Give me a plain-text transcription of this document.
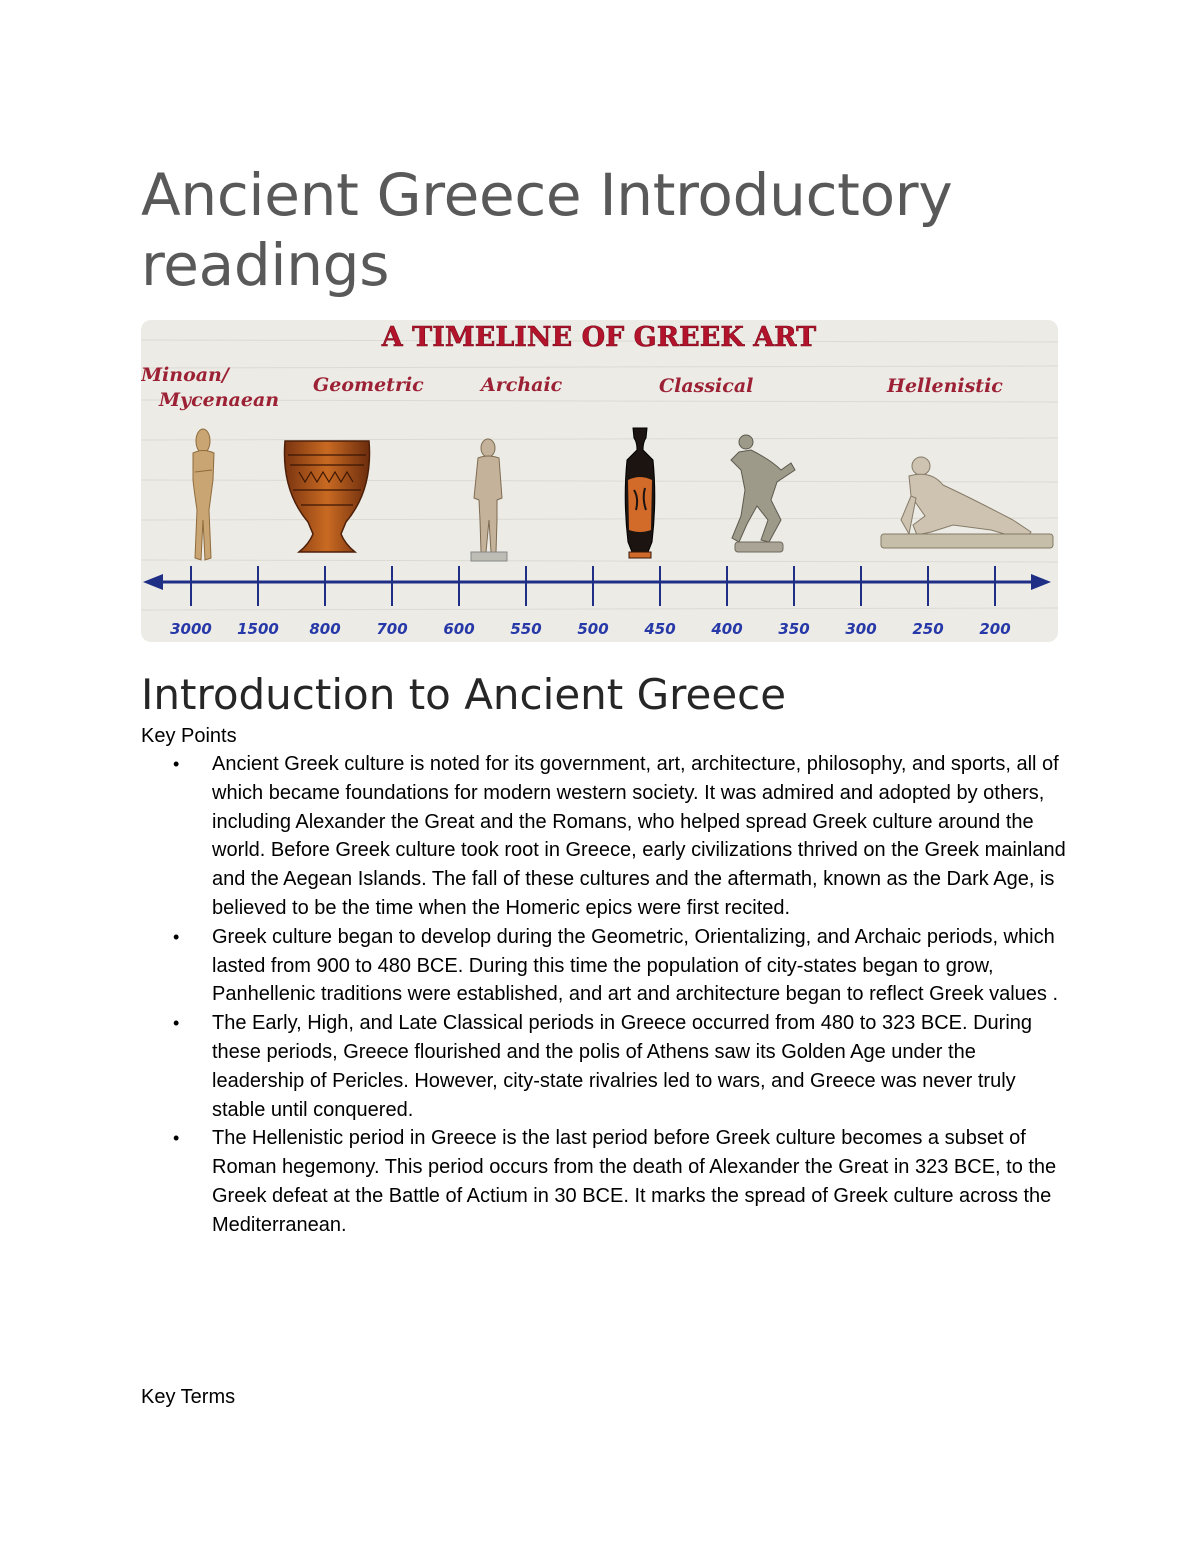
Ancient Greece Introductory readings
A TIMELINE OF GREEK ART
Minoan/
Mycenaean
Geometric	Archaic	Classical	Hellenistic
3000 1500 800 700 600 550 500 450 400 350 300 250 200
Introduction to Ancient Greece
Key Points
• Ancient Greek culture is noted for its government, art, architecture, philosophy, and sports, all of which became foundations for modern western society. It was admired and adopted by others, including Alexander the Great and the Romans, who helped spread Greek culture around the world. Before Greek culture took root in Greece, early civilizations thrived on the Greek mainland and the Aegean Islands. The fall of these cultures and the aftermath, known as the Dark Age, is believed to be the time when the Homeric epics were first recited.
• Greek culture began to develop during the Geometric, Orientalizing, and Archaic periods, which lasted from 900 to 480 BCE. During this time the population of city-states began to grow, Panhellenic traditions were established, and art and architecture began to reflect Greek values .
• The Early, High, and Late Classical periods in Greece occurred from 480 to 323 BCE. During these periods, Greece flourished and the polis of Athens saw its Golden Age under the leadership of Pericles. However, city-state rivalries led to wars, and Greece was never truly stable until conquered.
• The Hellenistic period in Greece is the last period before Greek culture becomes a subset of Roman hegemony. This period occurs from the death of Alexander the Great in 323 BCE, to the Greek defeat at the Battle of Actium in 30 BCE. It marks the spread of Greek culture across the Mediterranean.
Key Terms
